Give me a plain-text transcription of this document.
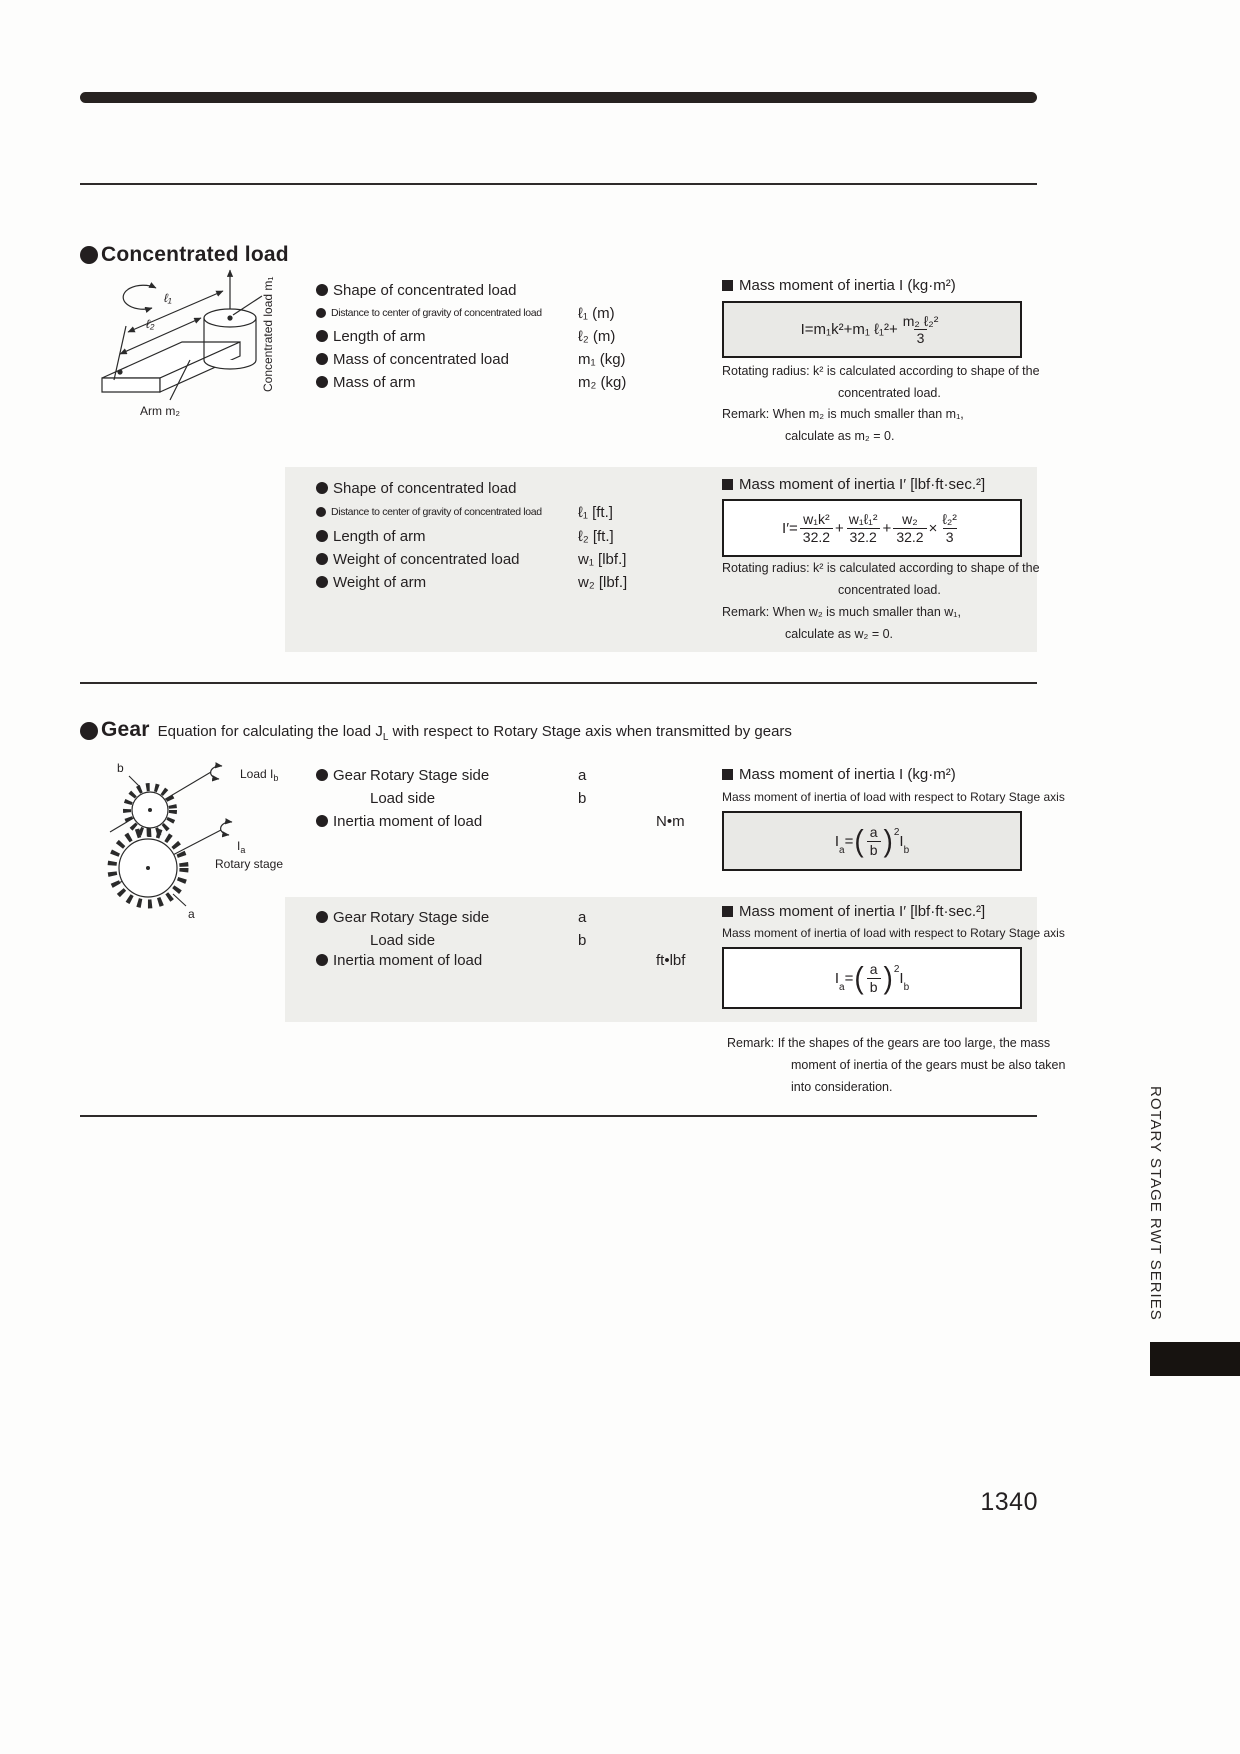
Concentrated load
ℓ₁
ℓ₂
Arm m₂
Concentrated load m₁	Shape of concentrated load
Distance to center of gravity of concentrated load ℓ₁ (m)
Length of arm	ℓ₂ (m)
Mass of concentrated load	m₁ (kg)
Mass of arm	m₂ (kg)
Mass moment of inertia I (kg·m²)
I=m₁k²+m₁ ℓ₁²+ $\frac{\text{m₂ ℓ₂²}}{3}$
Rotating radius: k² is calculated according to shape of the
concentrated load.
Remark: When m₂ is much smaller than m₁,
calculate as m₂ = 0.
Shape of concentrated load
Distance to center of gravity of concentrated load ℓ₁ [ft.]
Length of arm	ℓ₂ [ft.]
Weight of concentrated load	w₁ [lbf.]
Weight of arm	w₂ [lbf.]
Mass moment of inertia I′ [lbf·ft·sec.²]
$I'= \frac{\text{w₁k²}}{32.2} + \frac{\text{w₁ℓ₁²}}{32.2} + \frac{\text{w₂}}{32.2} \times \frac{\text{ℓ₂²}}{3}$
Rotating radius: k² is calculated according to shape of the
concentrated load.
Remark: When w₂ is much smaller than w₁,
calculate as w₂ = 0.
Gear Equation for calculating the load $J_L$ with respect to Rotary Stage axis when transmitted by gears
b
a
Load $I_b$
$I_a$
Rotary stage
Gear Rotary Stage side	a
Load side	b
Inertia moment of load	N•m
Mass moment of inertia I (kg·m²)
Mass moment of inertia of load with respect to Rotary Stage axis
I
$_a$
= ( $\frac{a}{b} )^2$ I
$_b$
Gear Rotary Stage side	a
Load side	b
Inertia moment of load	ft•lbf
Mass moment of inertia I′ [lbf·ft·sec.²]
Mass moment of inertia of load with respect to Rotary Stage axis
I
$_a$
= ( $\frac{a}{b} )^2$ I
$_b$
Remark: If the shapes of the gears are too large, the mass
moment of inertia of the gears must be also taken
into consideration.	ROTARY STAGE RWT SERIES
1340
